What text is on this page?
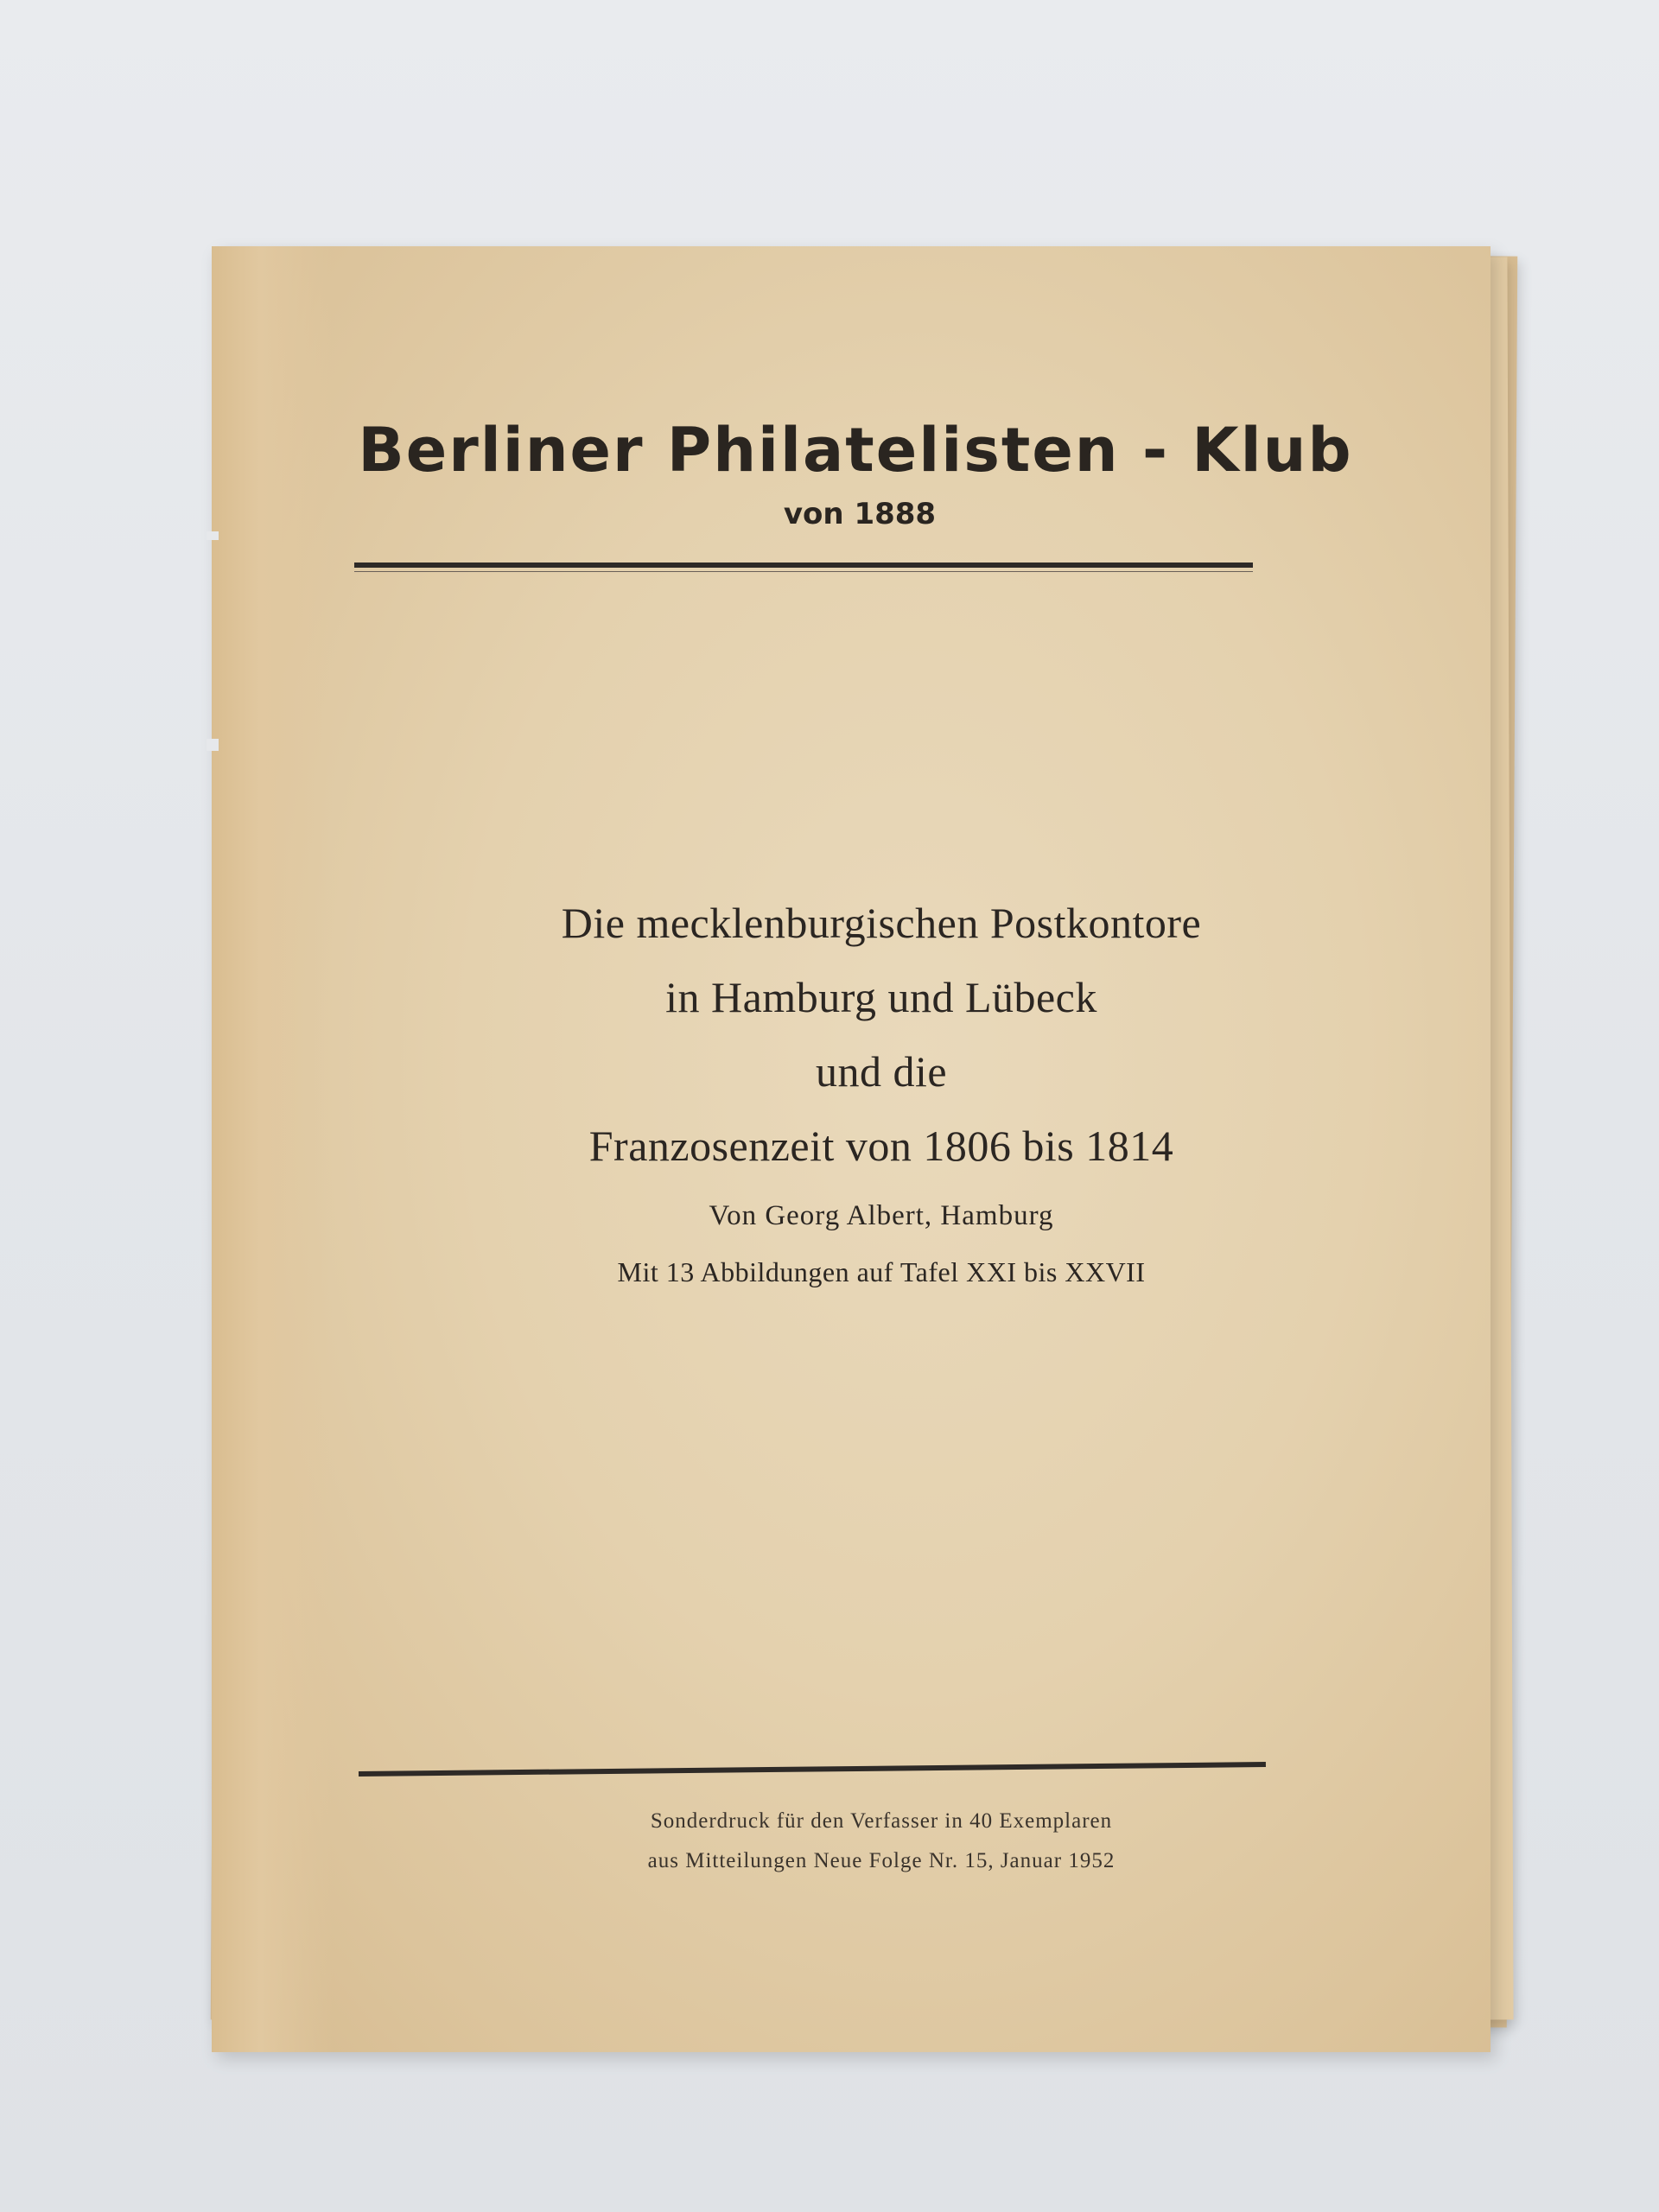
Berliner Philatelisten - Klub
von 1888
Die mecklenburgischen Postkontore
in Hamburg und Lübeck
und die
Franzosenzeit von 1806 bis 1814
Von Georg Albert, Hamburg
Mit 13 Abbildungen auf Tafel XXI bis XXVII
Sonderdruck für den Verfasser in 40 Exemplaren
aus Mitteilungen Neue Folge Nr. 15, Januar 1952
